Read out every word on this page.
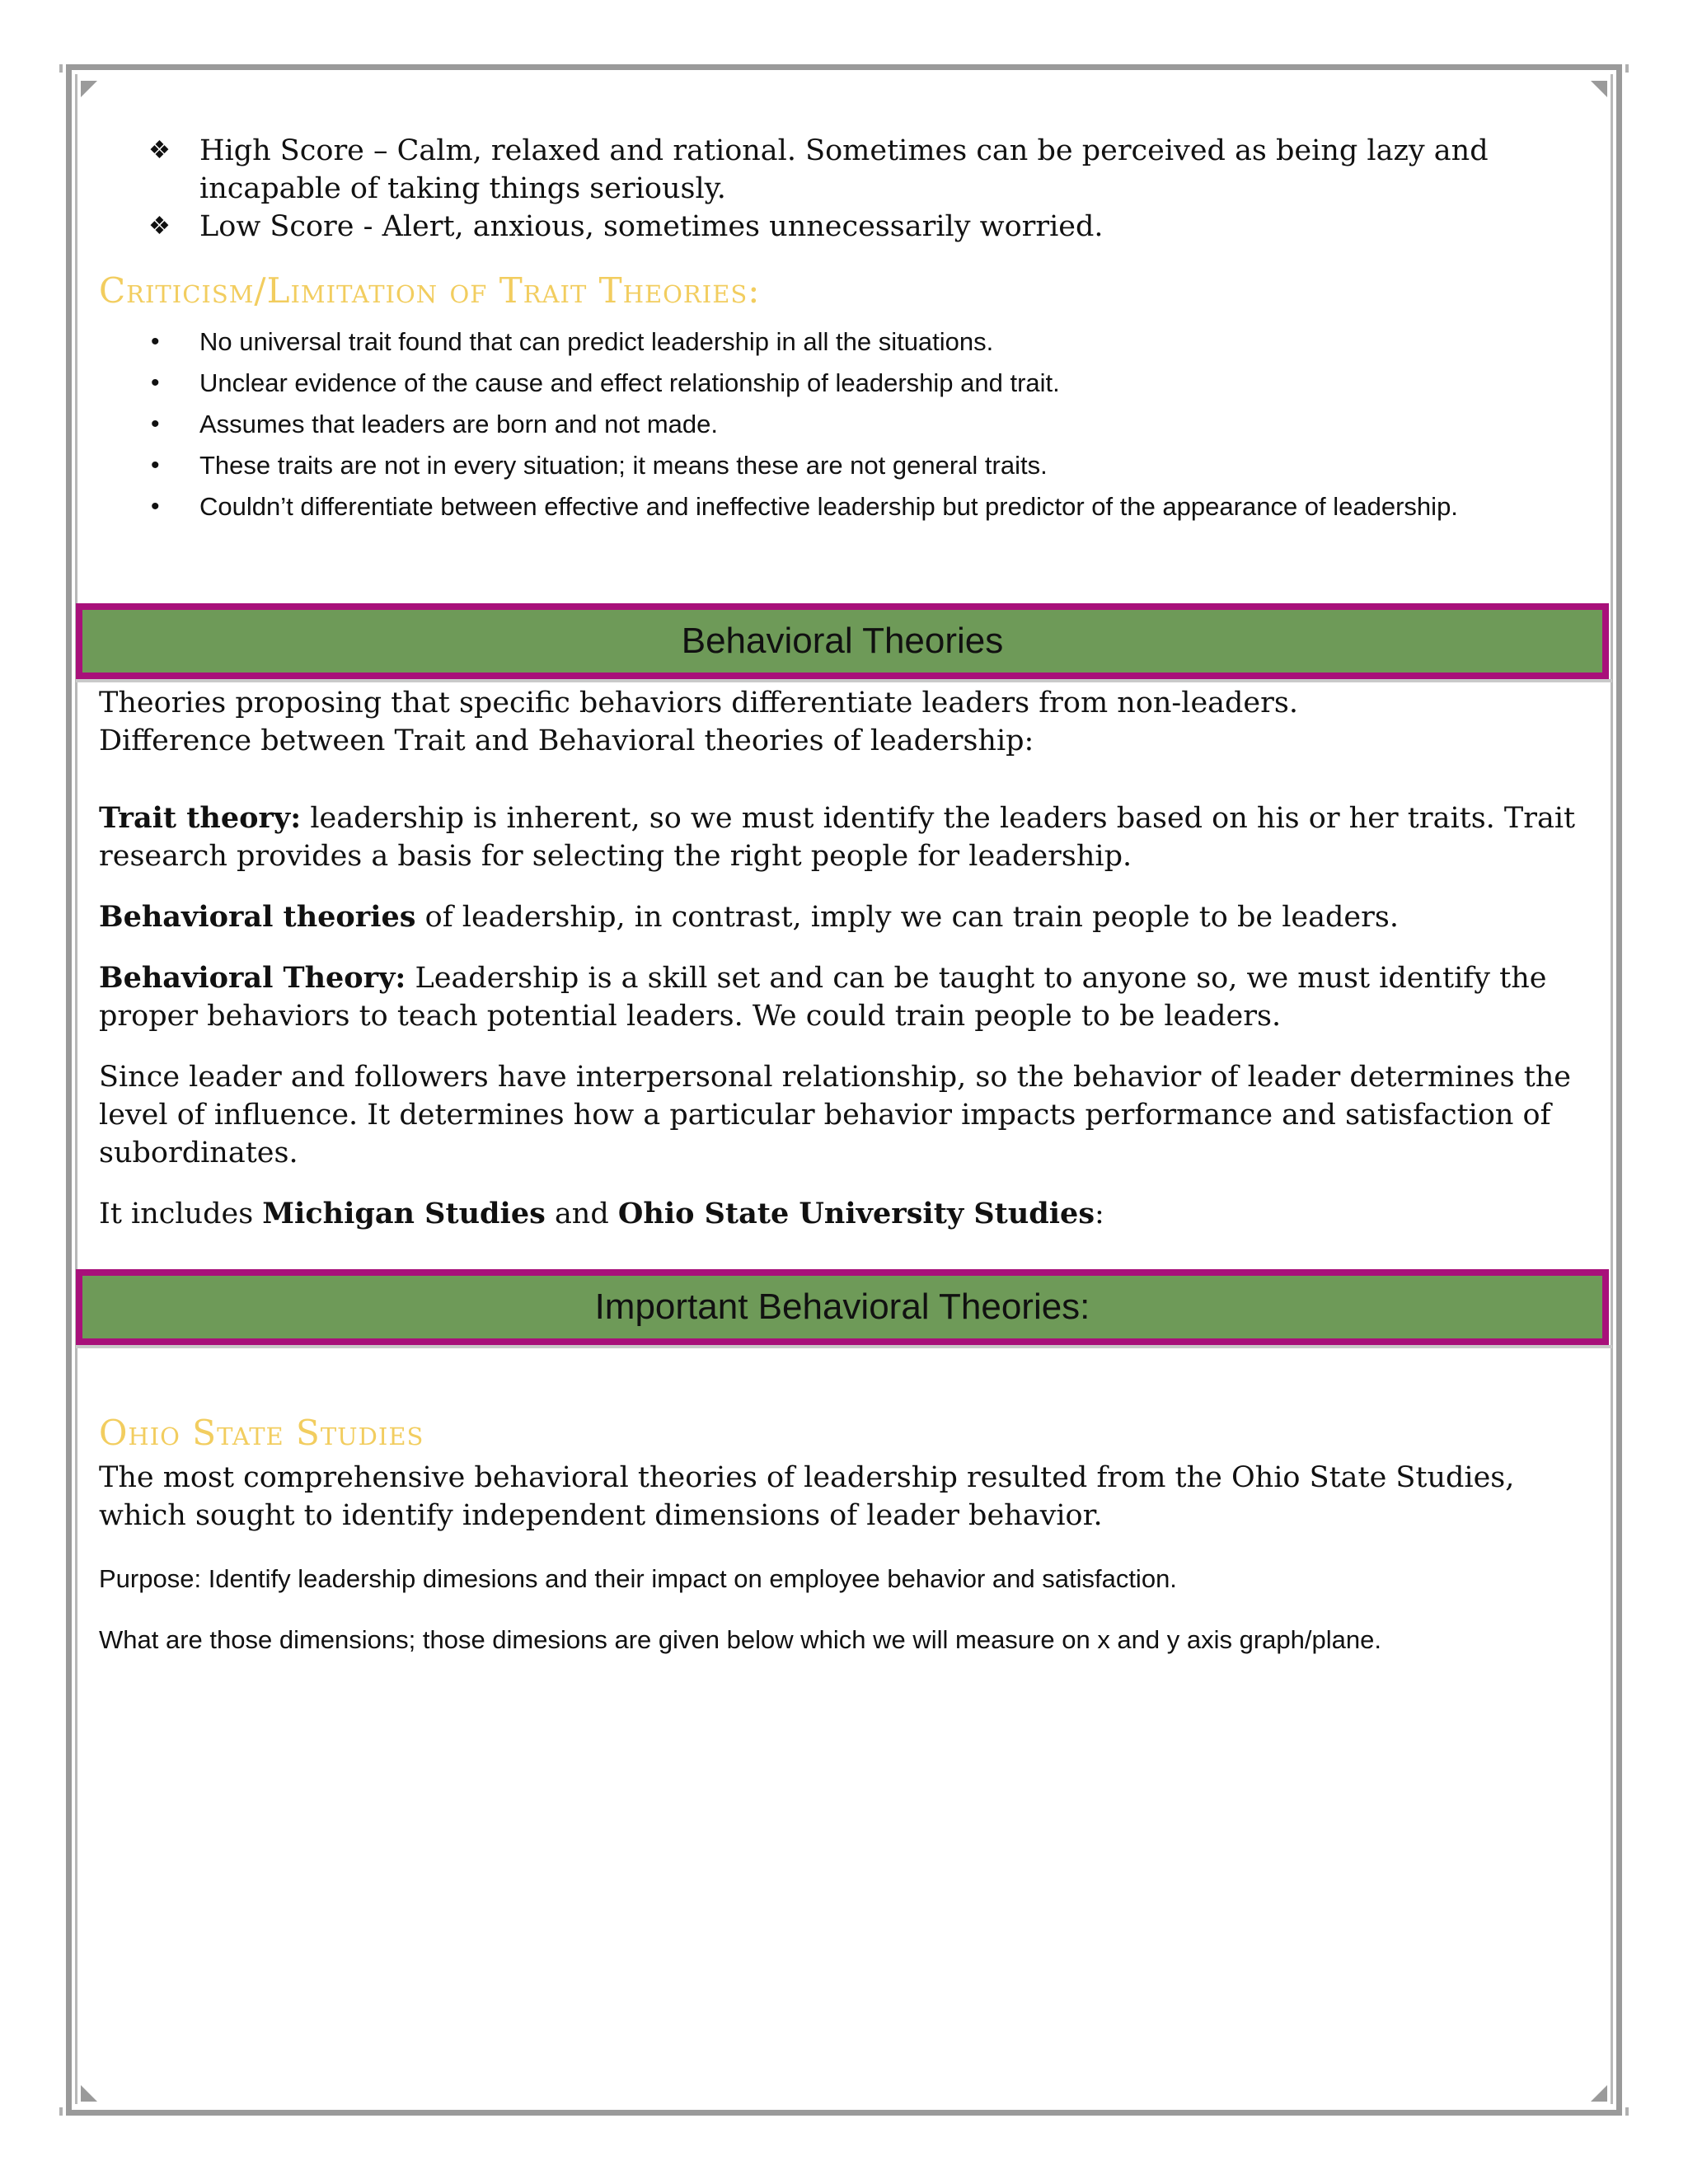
❖ High Score – Calm, relaxed and rational. Sometimes can be perceived as being lazy and incapable of taking things seriously.
❖ Low Score - Alert, anxious, sometimes unnecessarily worried.
Criticism/Limitation of Trait Theories:
• No universal trait found that can predict leadership in all the situations.
• Unclear evidence of the cause and effect relationship of leadership and trait.
• Assumes that leaders are born and not made.
• These traits are not in every situation; it means these are not general traits.
• Couldn’t differentiate between effective and ineffective leadership but predictor of the appearance of leadership.
Behavioral Theories

Theories proposing that specific behaviors differentiate leaders from non-leaders.
Difference between Trait and Behavioral theories of leadership:

Trait theory: leadership is inherent, so we must identify the leaders based on his or her traits. Trait research provides a basis for selecting the right people for leadership.

Behavioral theories of leadership, in contrast, imply we can train people to be leaders.

Behavioral Theory: Leadership is a skill set and can be taught to anyone so, we must identify the proper behaviors to teach potential leaders. We could train people to be leaders.

Since leader and followers have interpersonal relationship, so the behavior of leader determines the level of influence. It determines how a particular behavior impacts performance and satisfaction of subordinates.

It includes Michigan Studies and Ohio State University Studies:

Important Behavioral Theories:
Ohio State Studies

The most comprehensive behavioral theories of leadership resulted from the Ohio State Studies, which sought to identify independent dimensions of leader behavior.

Purpose: Identify leadership dimesions and their impact on employee behavior and satisfaction.

What are those dimensions; those dimesions are given below which we will measure on x and y axis graph/plane.
